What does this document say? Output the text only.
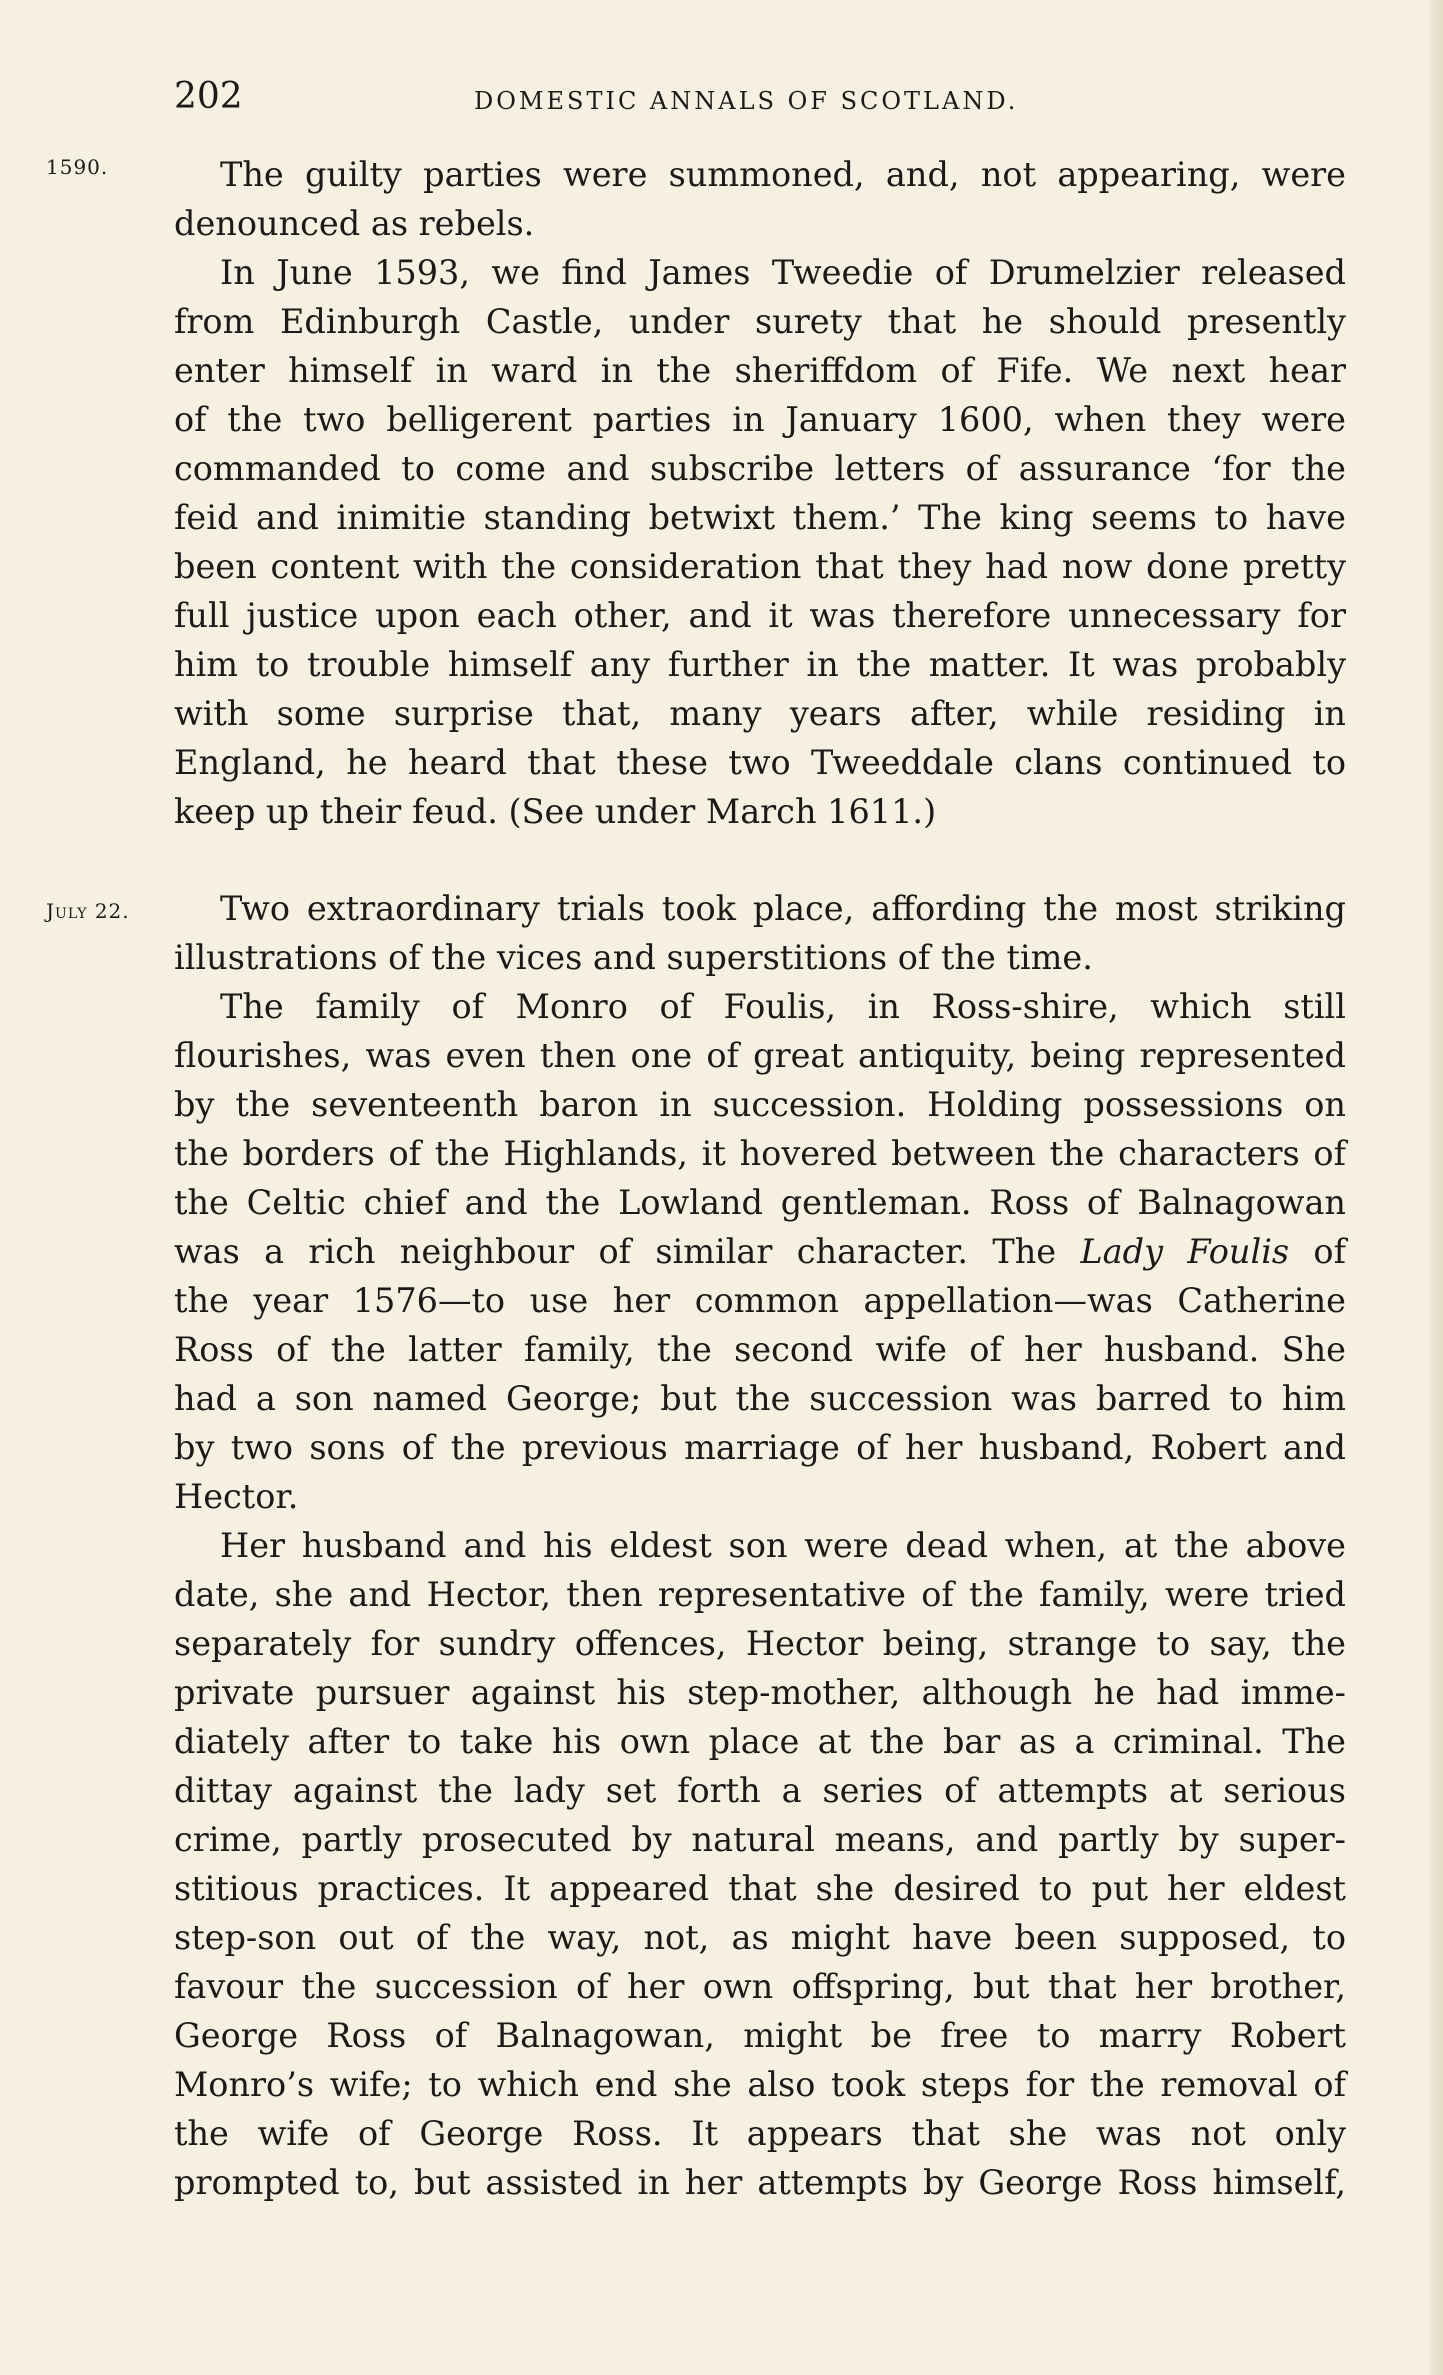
202	DOMESTIC ANNALS OF SCOTLAND.
1590.
July 22.
The guilty parties were summoned, and, not appearing, were
denounced as rebels.
In June 1593, we find James Tweedie of Drumelzier released
from Edinburgh Castle, under surety that he should presently
enter himself in ward in the sheriffdom of Fife. We next hear
of the two belligerent parties in January 1600, when they were
commanded to come and subscribe letters of assurance ‘for the
feid and inimitie standing betwixt them.’ The king seems to have
been content with the consideration that they had now done pretty
full justice upon each other, and it was therefore unnecessary for
him to trouble himself any further in the matter. It was probably
with some surprise that, many years after, while residing in
England, he heard that these two Tweeddale clans continued to
keep up their feud. (See under March 1611.)
Two extraordinary trials took place, affording the most striking
illustrations of the vices and superstitions of the time.
The family of Monro of Foulis, in Ross-shire, which still
flourishes, was even then one of great antiquity, being represented
by the seventeenth baron in succession. Holding possessions on
the borders of the Highlands, it hovered between the characters of
the Celtic chief and the Lowland gentleman. Ross of Balnagowan
was a rich neighbour of similar character. The Lady Foulis of
the year 1576—to use her common appellation—was Catherine
Ross of the latter family, the second wife of her husband. She
had a son named George; but the succession was barred to him
by two sons of the previous marriage of her husband, Robert and
Hector.
Her husband and his eldest son were dead when, at the above
date, she and Hector, then representative of the family, were tried
separately for sundry offences, Hector being, strange to say, the
private pursuer against his step-mother, although he had imme-
diately after to take his own place at the bar as a criminal. The
dittay against the lady set forth a series of attempts at serious
crime, partly prosecuted by natural means, and partly by super-
stitious practices. It appeared that she desired to put her eldest
step-son out of the way, not, as might have been supposed, to
favour the succession of her own offspring, but that her brother,
George Ross of Balnagowan, might be free to marry Robert
Monro’s wife; to which end she also took steps for the removal of
the wife of George Ross. It appears that she was not only
prompted to, but assisted in her attempts by George Ross himself,
